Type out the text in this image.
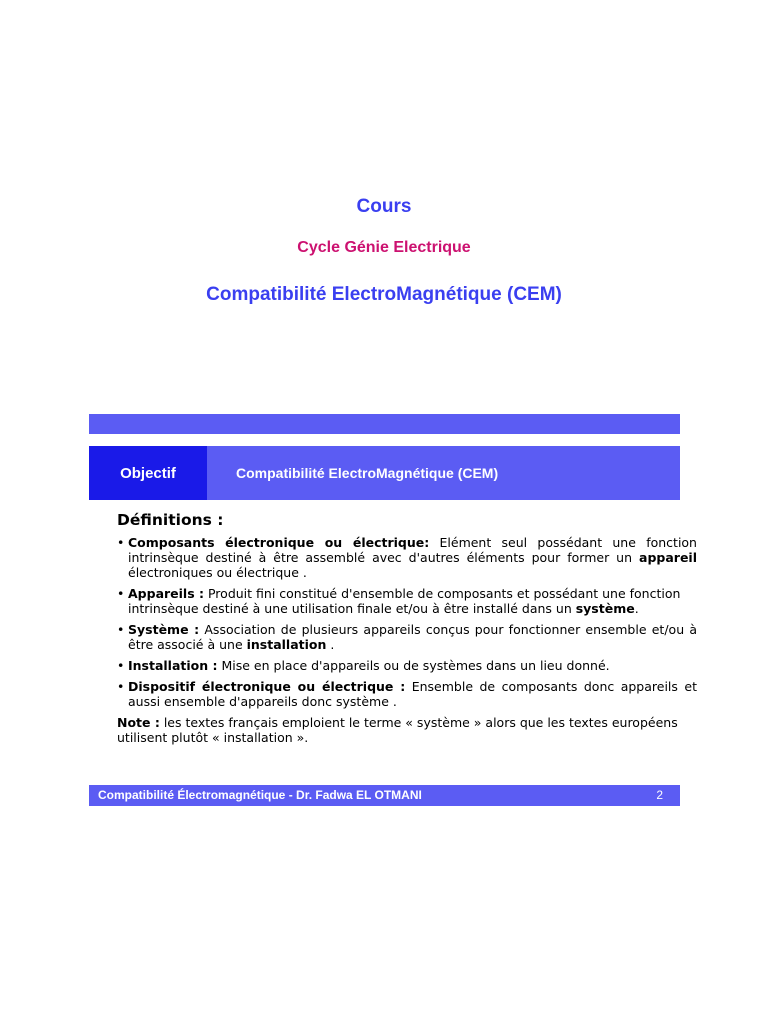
Cours
Cycle Génie Electrique
Compatibilité ElectroMagnétique (CEM)
Objectif	Compatibilité ElectroMagnétique (CEM)
Définitions :
• Composants électronique ou électrique: Elément seul possédant une fonction intrinsèque destiné à être assemblé avec d'autres éléments pour former un appareil électroniques ou électrique .
• Appareils : Produit fini constitué d'ensemble de composants et possédant une fonction
intrinsèque destiné à une utilisation finale et/ou à être installé dans un système.
• Système : Association de plusieurs appareils conçus pour fonctionner ensemble et/ou à être associé à une installation .
• Installation : Mise en place d'appareils ou de systèmes dans un lieu donné.
• Dispositif électronique ou électrique : Ensemble de composants donc appareils et aussi ensemble d'appareils donc système .
Note : les textes français emploient le terme « système » alors que les textes européens utilisent plutôt « installation ».
Compatibilité Électromagnétique - Dr. Fadwa EL OTMANI	2
